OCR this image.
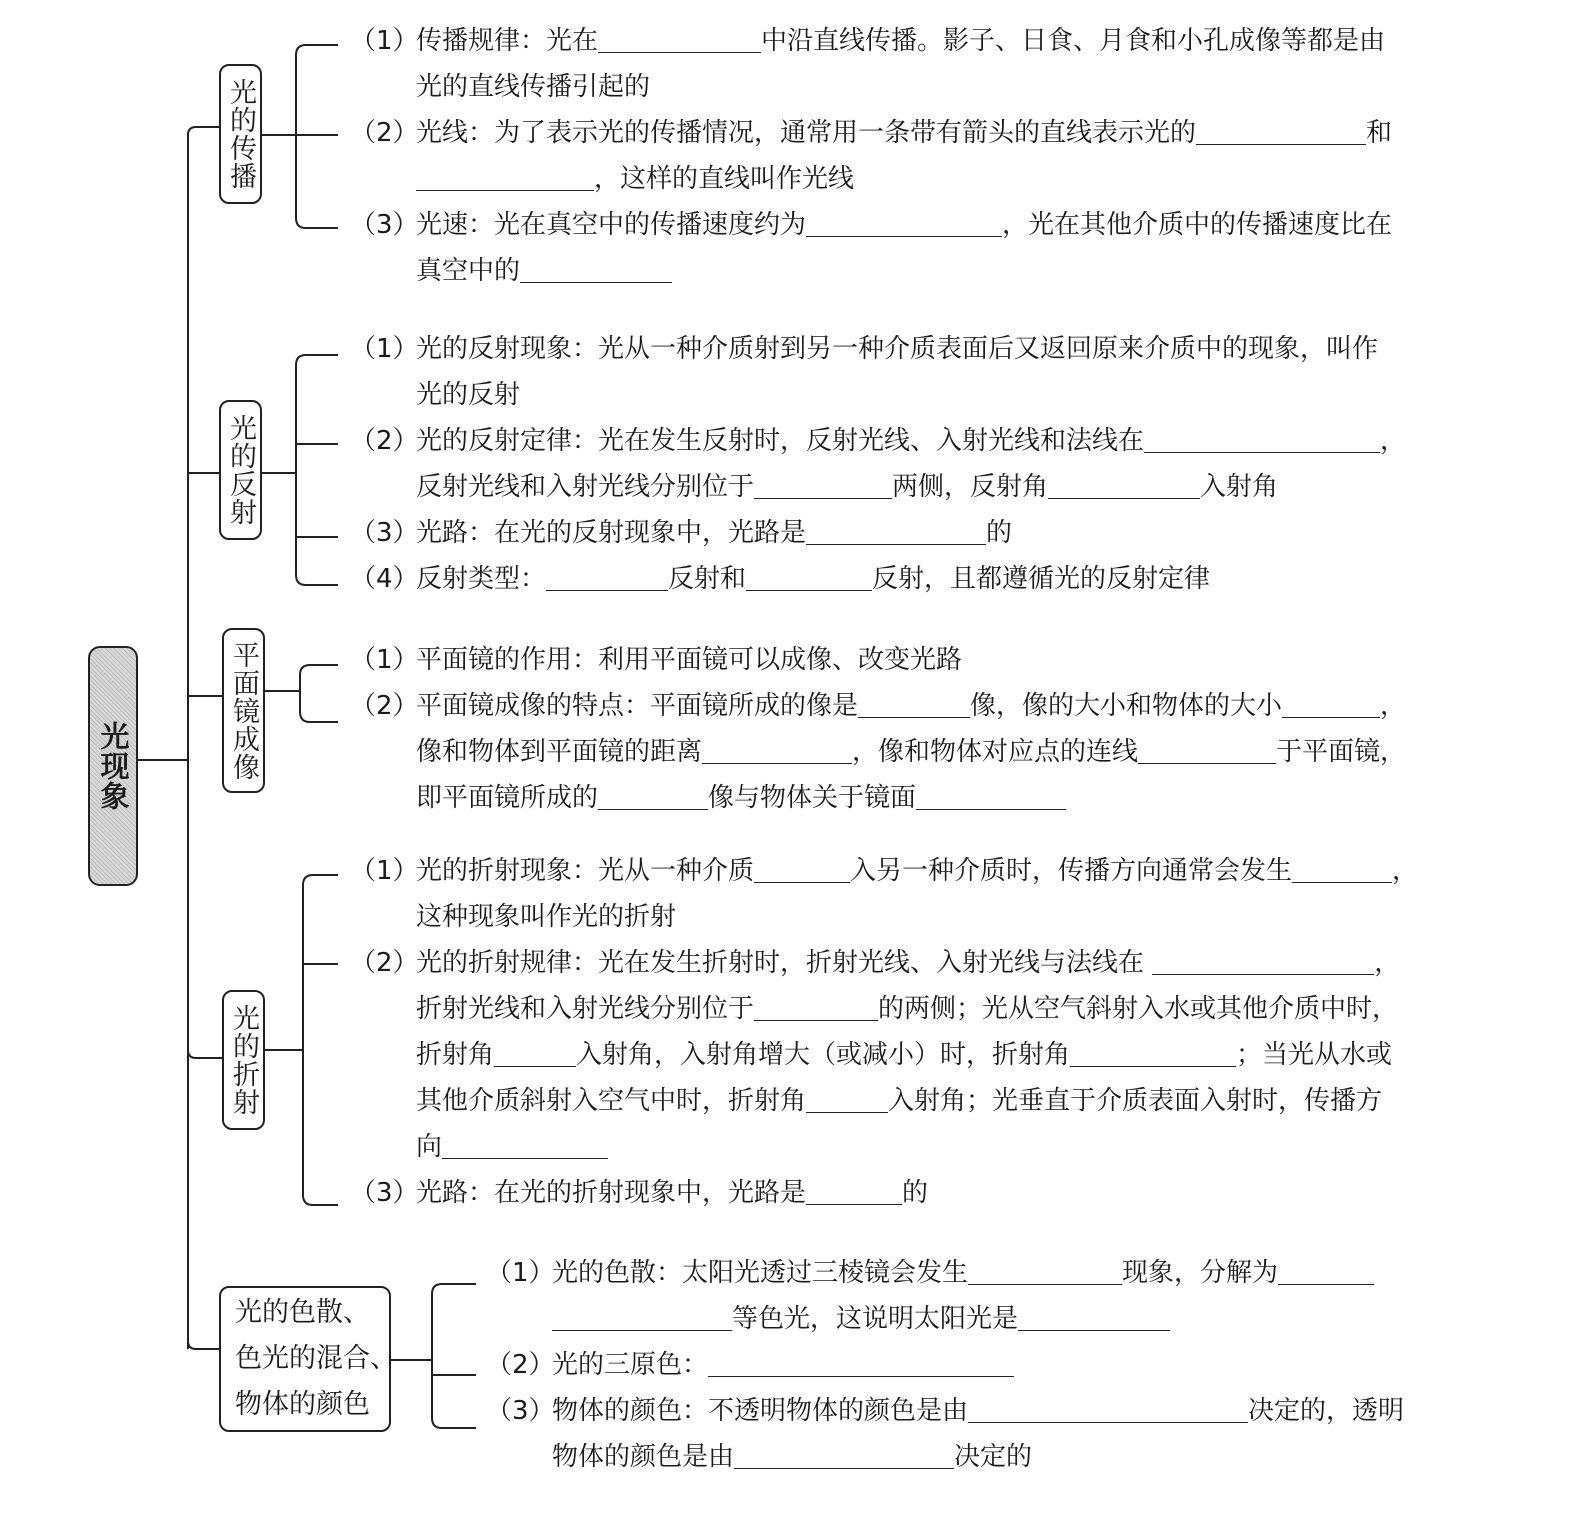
光现象
光的传播
光的反射
平面镜成像
光的折射
光的色散、
色光的混合、
物体的颜色
（1）传播规律：光在	中沿直线传播。影子、日食、月食和小孔成像等都是由
光的直线传播引起的
（2）光线：为了表示光的传播情况，通常用一条带有箭头的直线表示光的	和
，这样的直线叫作光线
（3）光速：光在真空中的传播速度约为	，光在其他介质中的传播速度比在
真空中的
（1）光的反射现象：光从一种介质射到另一种介质表面后又返回原来介质中的现象，叫作
光的反射
（2）光的反射定律：光在发生反射时，反射光线、入射光线和法线在	，
反射光线和入射光线分别位于	两侧，反射角	入射角
（3）光路：在光的反射现象中，光路是	的
（4）反射类型：	反射和	反射，且都遵循光的反射定律
（1）平面镜的作用：利用平面镜可以成像、改变光路
（2）平面镜成像的特点：平面镜所成的像是	像，像的大小和物体的大小	，
像和物体到平面镜的距离	，像和物体对应点的连线	于平面镜，
即平面镜所成的	像与物体关于镜面
（1）光的折射现象：光从一种介质	入另一种介质时，传播方向通常会发生	，
这种现象叫作光的折射
（2）光的折射规律：光在发生折射时，折射光线、入射光线与法线在	，
折射光线和入射光线分别位于	的两侧；光从空气斜射入水或其他介质中时，
折射角	入射角，入射角增大（或减小）时，折射角	；当光从水或
其他介质斜射入空气中时，折射角	入射角；光垂直于介质表面入射时，传播方
向
（3）光路：在光的折射现象中，光路是	的
（1）光的色散：太阳光透过三棱镜会发生	现象，分解为
等色光，这说明太阳光是
（2）光的三原色：
（3）物体的颜色：不透明物体的颜色是由	决定的，透明
物体的颜色是由	决定的
